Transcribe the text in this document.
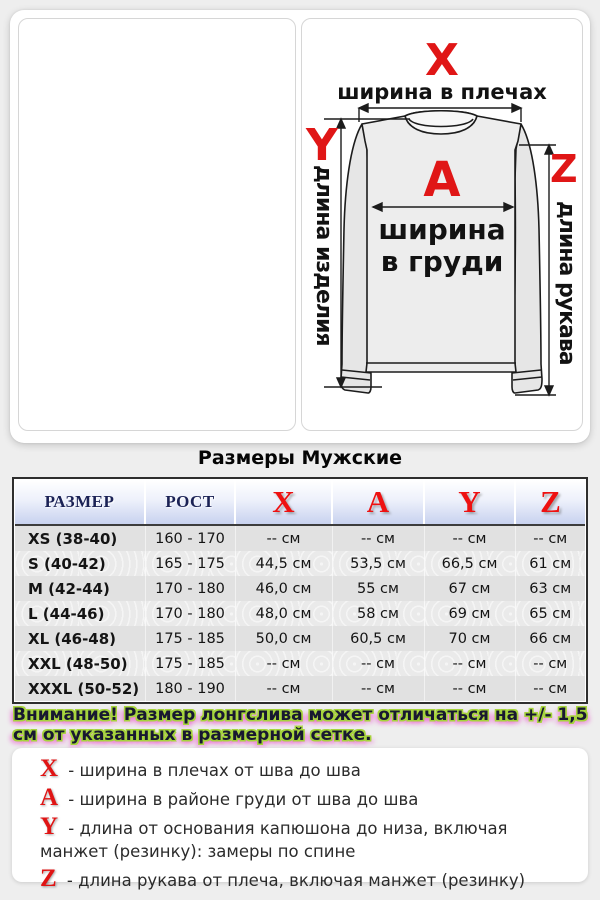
X
ширина в плечах
Y
длина изделия	Z
длина рукава
A
ширина
в груди
Размеры Мужские
РАЗМЕР	РОСТ	X	A	Y	Z
XS (38-40)	160 - 170	-- см	-- см	-- см	-- см
S (40-42)	165 - 175	44,5 см	53,5 см	66,5 см	61 см
M (42-44)	170 - 180	46,0 см	55 см	67 см	63 см
L (44-46)	170 - 180	48,0 см	58 см	69 см	65 см
XL (46-48)	175 - 185	50,0 см	60,5 см	70 см	66 см
XXL (48-50)	175 - 185	-- см	-- см	-- см	-- см
XXXL (50-52)	180 - 190	-- см	-- см	-- см	-- см

Внимание! Размер лонгслива может отличаться на +/- 1,5 см от указанных в размерной сетке.

X - ширина в плечах от шва до шва

A - ширина в районе груди от шва до шва

Y - длина от основания капюшона до низа, включая манжет (резинку): замеры по спине

Z - длина рукава от плеча, включая манжет (резинку)
